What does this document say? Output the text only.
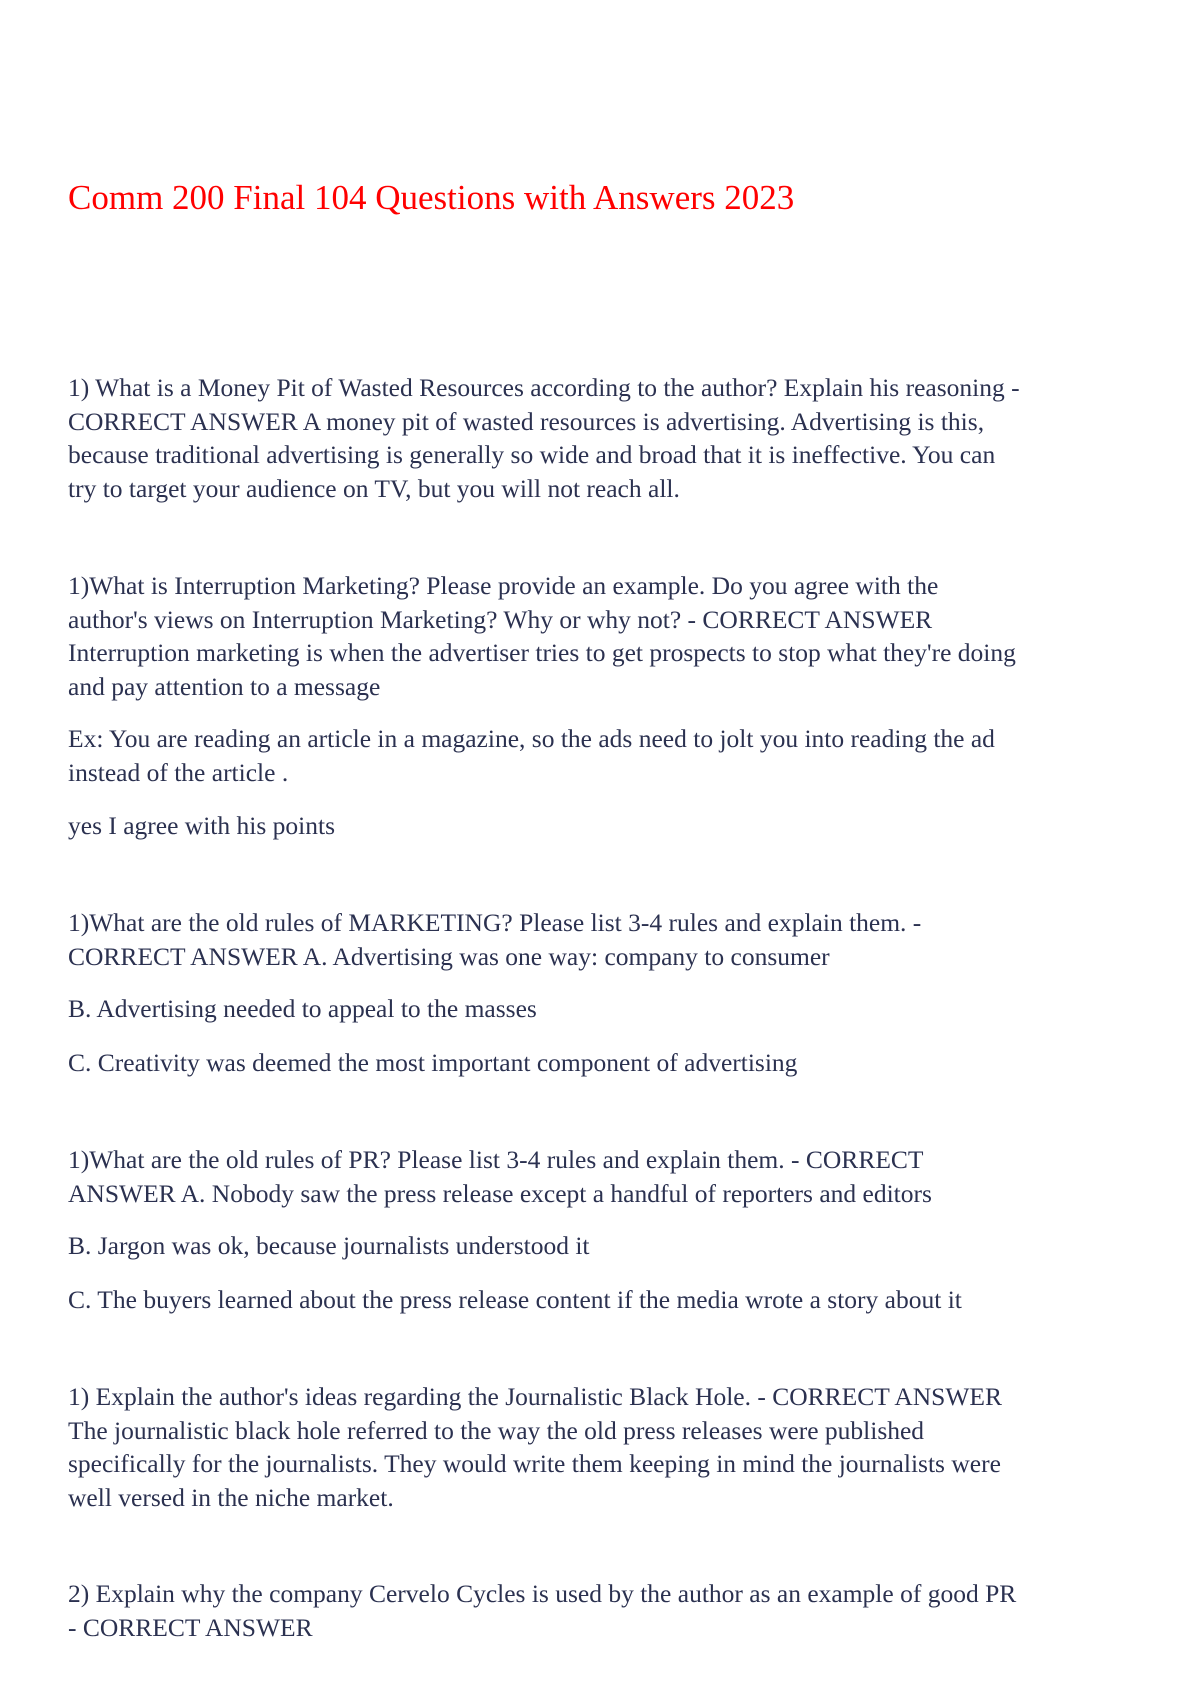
Comm 200 Final 104 Questions with Answers 2023
1) What is a Money Pit of Wasted Resources according to the author? Explain his reasoning -
CORRECT ANSWER A money pit of wasted resources is advertising. Advertising is this,
because traditional advertising is generally so wide and broad that it is ineffective. You can
try to target your audience on TV, but you will not reach all.
1)What is Interruption Marketing? Please provide an example. Do you agree with the
author's views on Interruption Marketing? Why or why not? - CORRECT ANSWER
Interruption marketing is when the advertiser tries to get prospects to stop what they're doing
and pay attention to a message
Ex: You are reading an article in a magazine, so the ads need to jolt you into reading the ad
instead of the article .
yes I agree with his points
1)What are the old rules of MARKETING? Please list 3-4 rules and explain them. -
CORRECT ANSWER A. Advertising was one way: company to consumer
B. Advertising needed to appeal to the masses
C. Creativity was deemed the most important component of advertising
1)What are the old rules of PR? Please list 3-4 rules and explain them. - CORRECT
ANSWER A. Nobody saw the press release except a handful of reporters and editors
B. Jargon was ok, because journalists understood it
C. The buyers learned about the press release content if the media wrote a story about it
1) Explain the author's ideas regarding the Journalistic Black Hole. - CORRECT ANSWER
The journalistic black hole referred to the way the old press releases were published
specifically for the journalists. They would write them keeping in mind the journalists were
well versed in the niche market.
2) Explain why the company Cervelo Cycles is used by the author as an example of good PR
- CORRECT ANSWER
